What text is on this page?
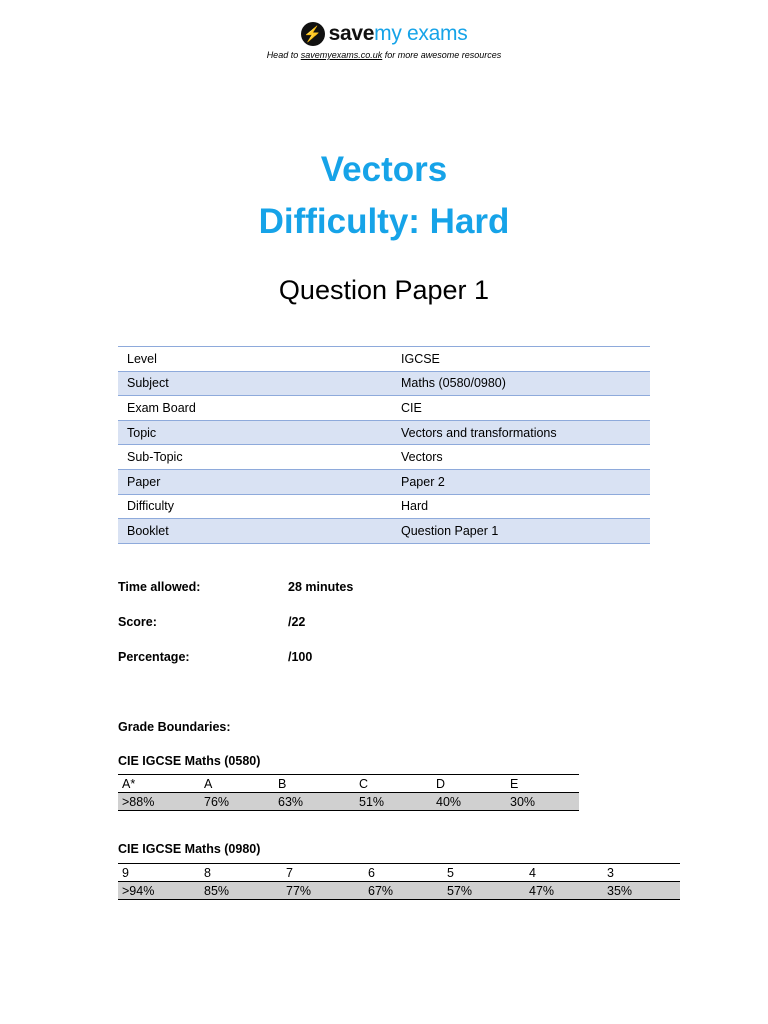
⚡ savemy exams
Head to savemyexams.co.uk for more awesome resources
Vectors
Difficulty: Hard
Question Paper 1
Level	IGCSE
Subject	Maths (0580/0980)
Exam Board	CIE
Topic	Vectors and transformations
Sub-Topic	Vectors
Paper	Paper 2
Difficulty	Hard
Booklet	Question Paper 1
Time allowed:	28 minutes
Score:	/22
Percentage:	/100
Grade Boundaries:
CIE IGCSE Maths (0580)
A*	A	B	C	D	E
>88%	76%	63%	51%	40%	30%
CIE IGCSE Maths (0980)
9	8	7	6	5	4	3
>94%	85%	77%	67%	57%	47%	35%
